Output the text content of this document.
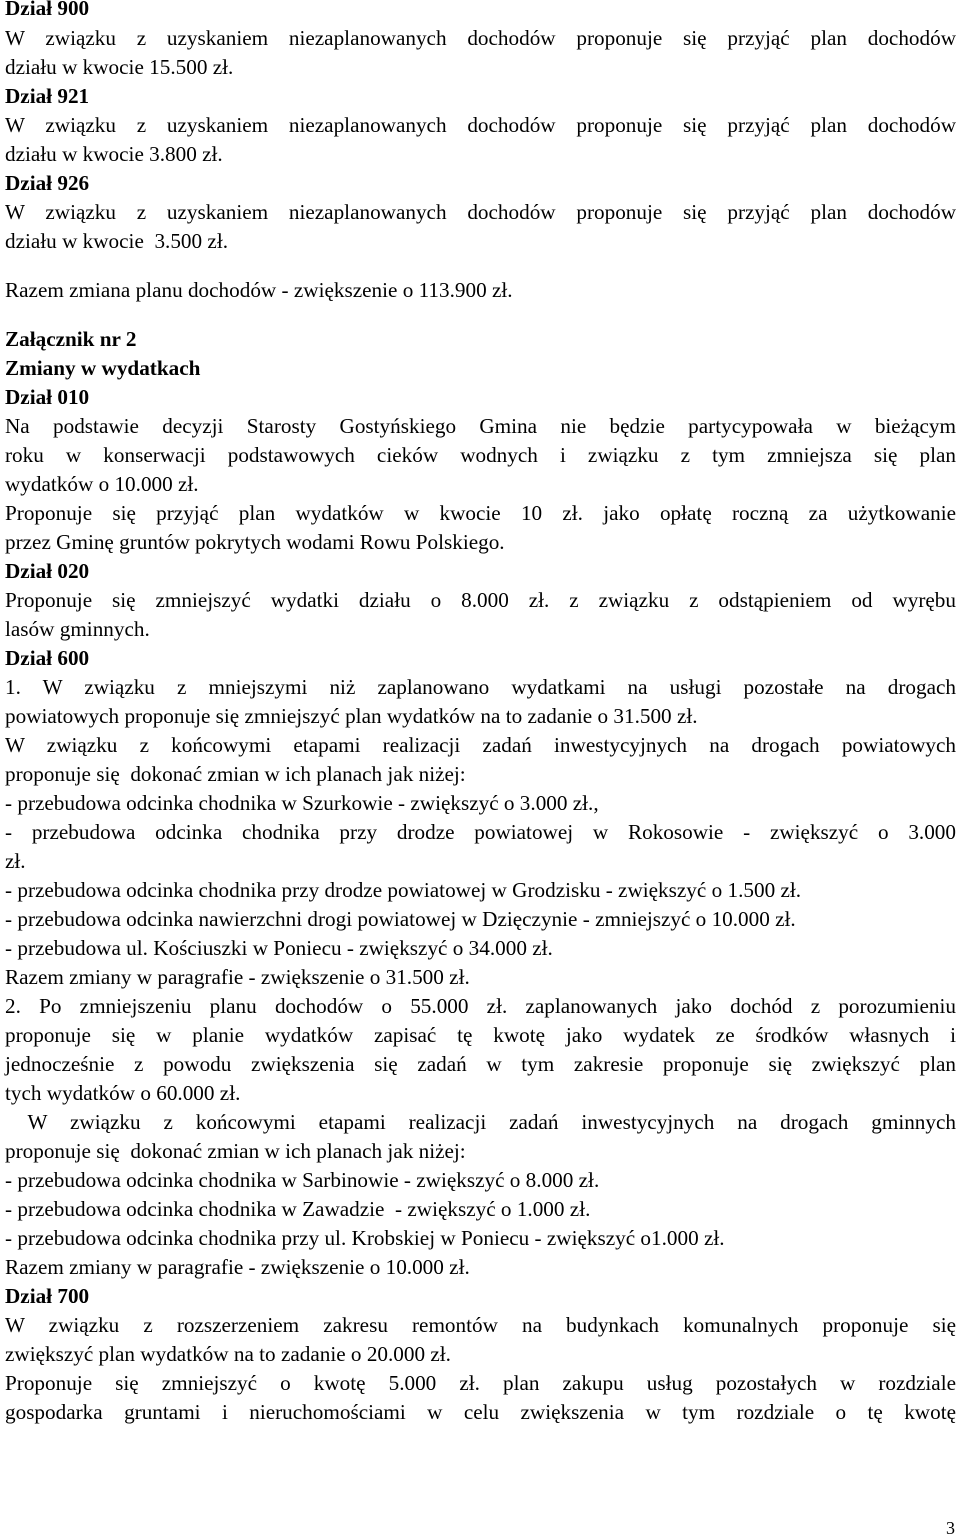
Dział 900
W związku z uzyskaniem niezaplanowanych dochodów proponuje się przyjąć plan dochodów
działu w kwocie 15.500 zł.
Dział 921
W związku z uzyskaniem niezaplanowanych dochodów proponuje się przyjąć plan dochodów
działu w kwocie 3.800 zł.
Dział 926
W związku z uzyskaniem niezaplanowanych dochodów proponuje się przyjąć plan dochodów
działu w kwocie  3.500 zł.
Razem zmiana planu dochodów - zwiększenie o 113.900 zł.
Załącznik nr 2
Zmiany w wydatkach
Dział 010
Na podstawie decyzji Starosty Gostyńskiego Gmina nie będzie partycypowała w bieżącym
roku w konserwacji podstawowych cieków wodnych i związku z tym zmniejsza się plan
wydatków o 10.000 zł.
Proponuje się przyjąć plan wydatków w kwocie 10 zł. jako opłatę roczną za użytkowanie
przez Gminę gruntów pokrytych wodami Rowu Polskiego.
Dział 020
Proponuje się zmniejszyć wydatki działu o 8.000 zł. z związku z odstąpieniem od wyrębu
lasów gminnych.
Dział 600
1. W związku z mniejszymi niż zaplanowano wydatkami na usługi pozostałe na drogach
powiatowych proponuje się zmniejszyć plan wydatków na to zadanie o 31.500 zł.
W związku z końcowymi etapami realizacji zadań inwestycyjnych na drogach powiatowych
proponuje się  dokonać zmian w ich planach jak niżej:
- przebudowa odcinka chodnika w Szurkowie - zwiększyć o 3.000 zł.,
- przebudowa odcinka chodnika przy drodze powiatowej w Rokosowie - zwiększyć o 3.000
zł.
- przebudowa odcinka chodnika przy drodze powiatowej w Grodzisku - zwiększyć o 1.500 zł.
- przebudowa odcinka nawierzchni drogi powiatowej w Dzięczynie - zmniejszyć o 10.000 zł.
- przebudowa ul. Kościuszki w Poniecu - zwiększyć o 34.000 zł.
Razem zmiany w paragrafie - zwiększenie o 31.500 zł.
2. Po zmniejszeniu planu dochodów o 55.000 zł. zaplanowanych jako dochód z porozumieniu
proponuje się w planie wydatków zapisać tę kwotę jako wydatek ze środków własnych i
jednocześnie z powodu zwiększenia się zadań w tym zakresie proponuje się zwiększyć plan
tych wydatków o 60.000 zł.
W związku z końcowymi etapami realizacji zadań inwestycyjnych na drogach gminnych
proponuje się  dokonać zmian w ich planach jak niżej:
- przebudowa odcinka chodnika w Sarbinowie - zwiększyć o 8.000 zł.
- przebudowa odcinka chodnika w Zawadzie  - zwiększyć o 1.000 zł.
- przebudowa odcinka chodnika przy ul. Krobskiej w Poniecu - zwiększyć o1.000 zł.
Razem zmiany w paragrafie - zwiększenie o 10.000 zł.
Dział 700
W związku z rozszerzeniem zakresu remontów na budynkach komunalnych proponuje się
zwiększyć plan wydatków na to zadanie o 20.000 zł.
Proponuje się zmniejszyć o kwotę 5.000 zł. plan zakupu usług pozostałych w rozdziale
gospodarka gruntami i nieruchomościami w celu zwiększenia w tym rozdziale o tę kwotę
3
